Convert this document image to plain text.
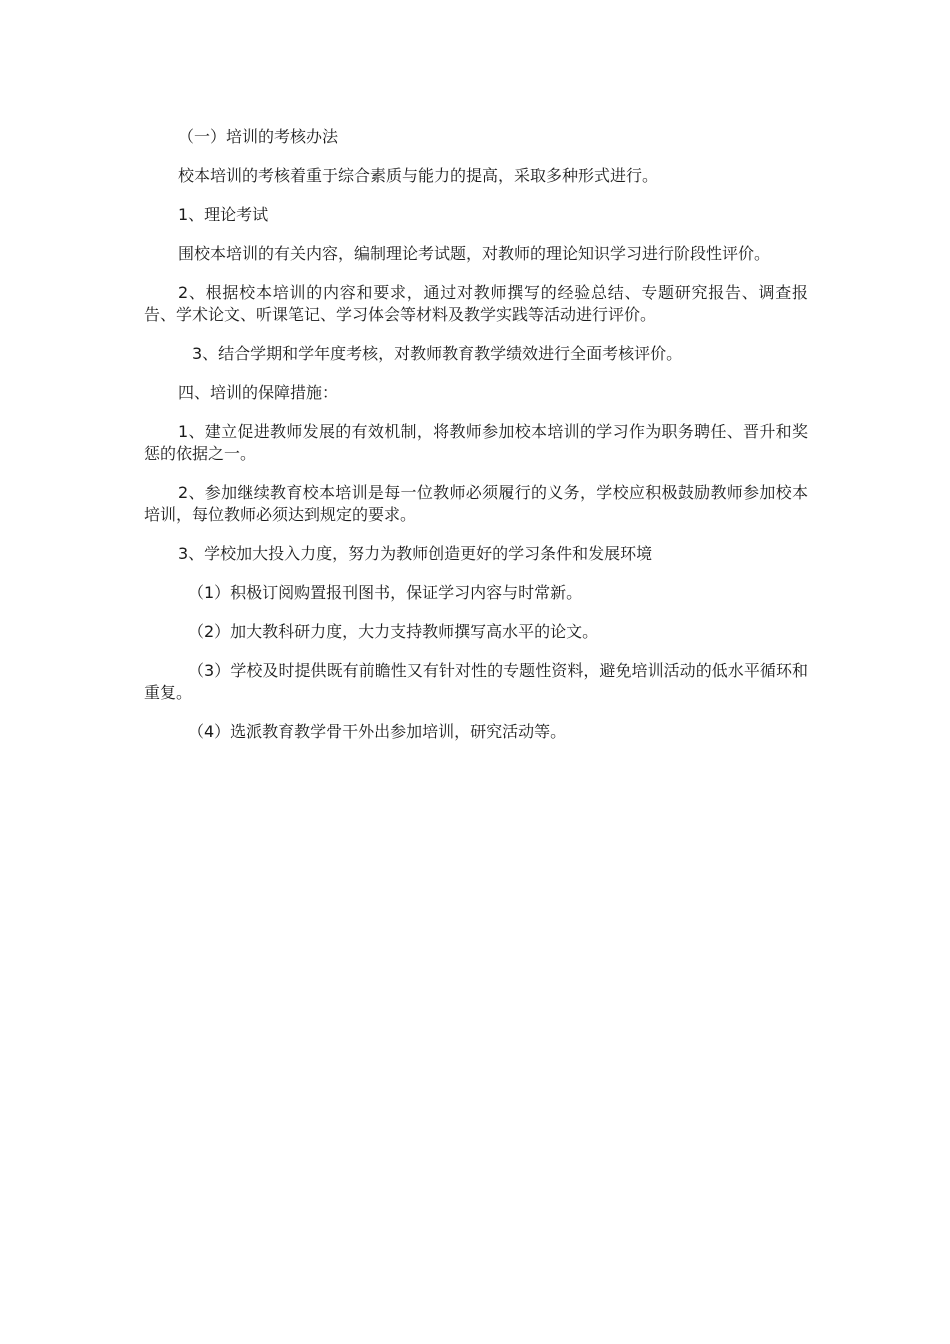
（一）培训的考核办法

校本培训的考核着重于综合素质与能力的提高，采取多种形式进行。

1、理论考试

围校本培训的有关内容，编制理论考试题，对教师的理论知识学习进行阶段性评价。

2、根据校本培训的内容和要求，通过对教师撰写的经验总结、专题研究报告、调查报告、学术论文、听课笔记、学习体会等材料及教学实践等活动进行评价。

3、结合学期和学年度考核，对教师教育教学绩效进行全面考核评价。

四、培训的保障措施：

1、建立促进教师发展的有效机制，将教师参加校本培训的学习作为职务聘任、晋升和奖惩的依据之一。

2、参加继续教育校本培训是每一位教师必须履行的义务，学校应积极鼓励教师参加校本培训，每位教师必须达到规定的要求。

3、学校加大投入力度，努力为教师创造更好的学习条件和发展环境

（1）积极订阅购置报刊图书，保证学习内容与时常新。

（2）加大教科研力度，大力支持教师撰写高水平的论文。

（3）学校及时提供既有前瞻性又有针对性的专题性资料，避免培训活动的低水平循环和重复。

（4）选派教育教学骨干外出参加培训，研究活动等。
